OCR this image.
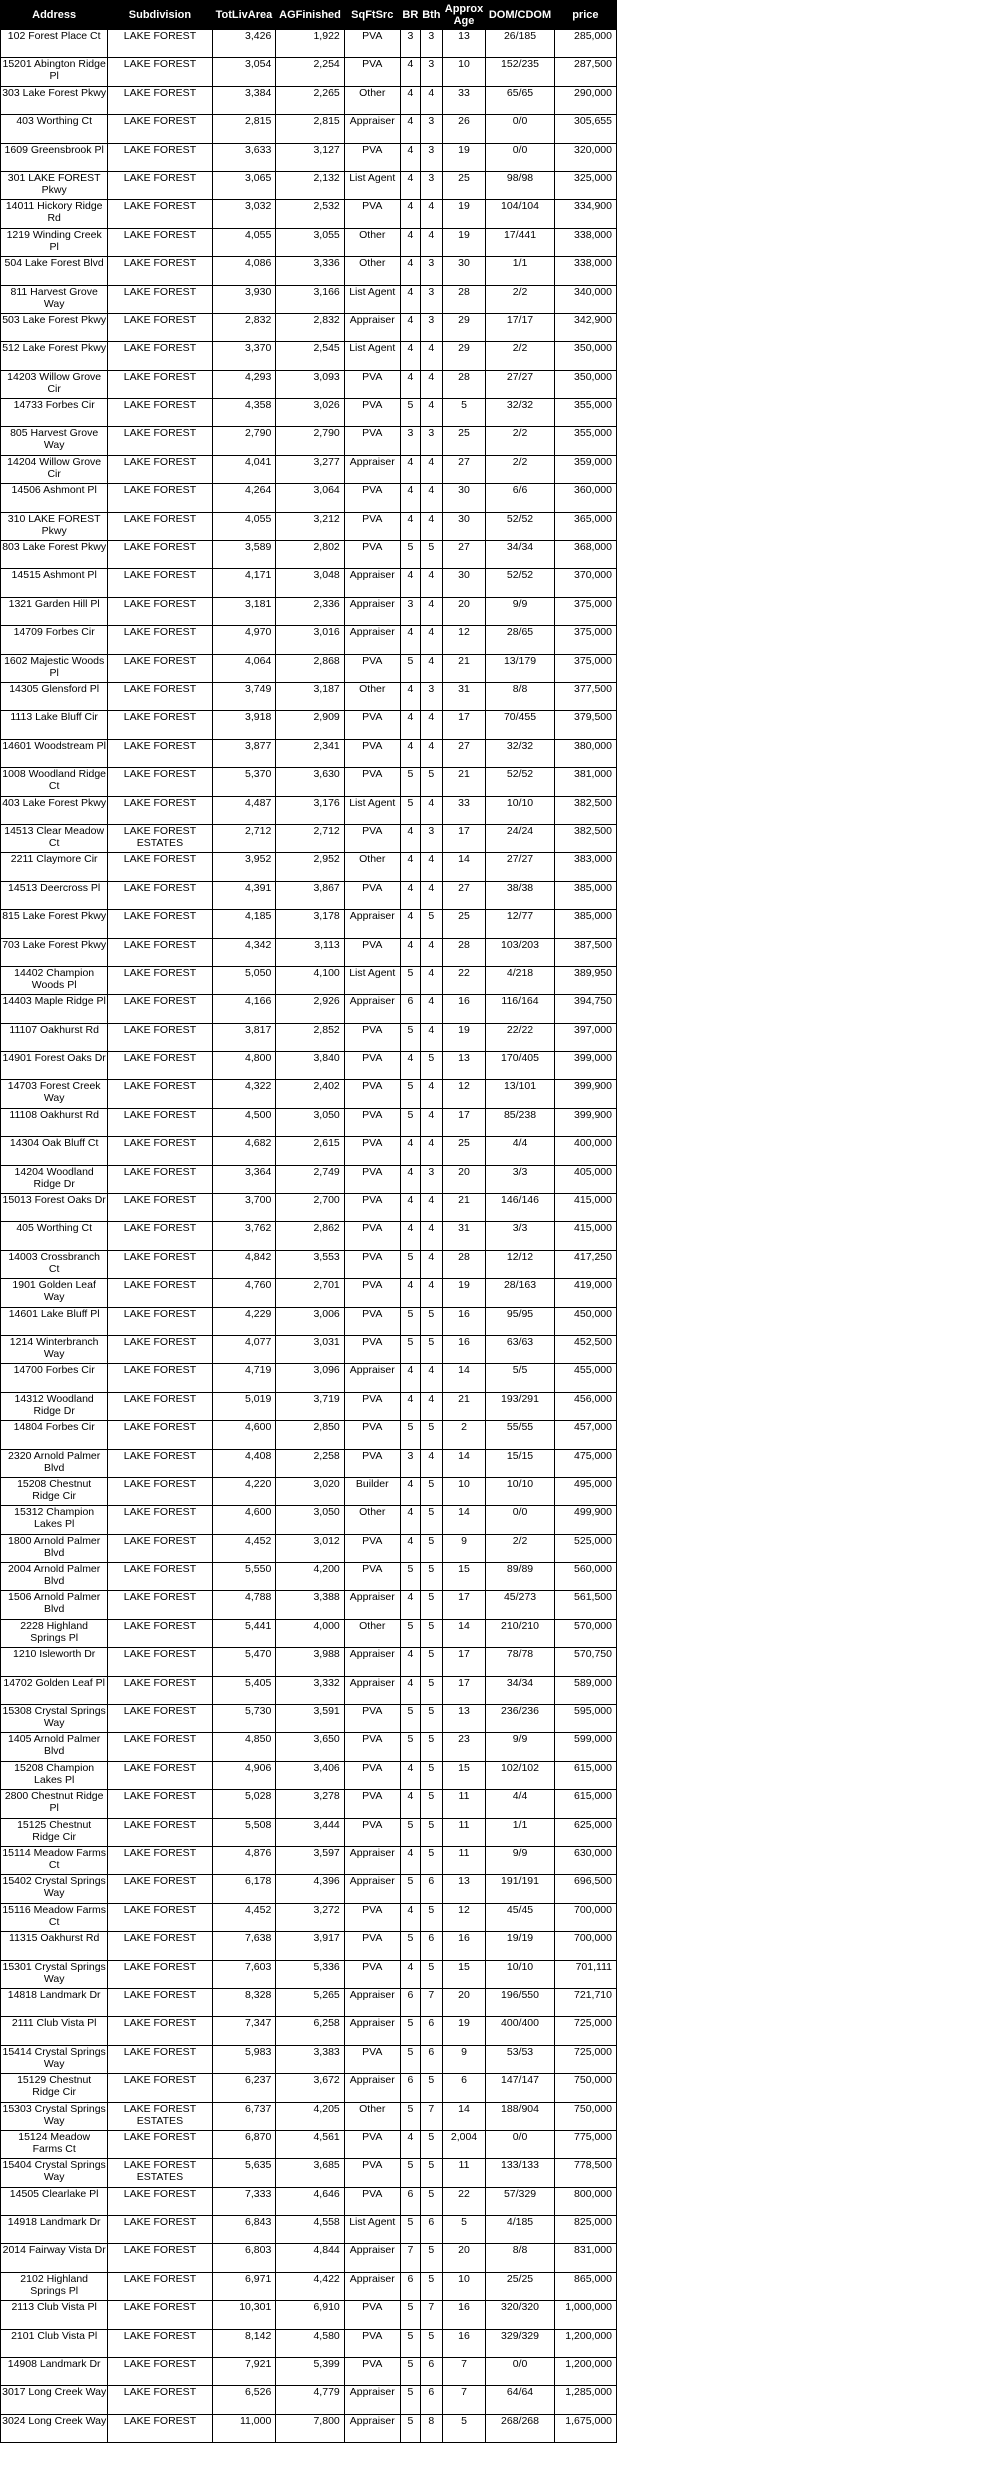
Address	Subdivision	TotLivArea	AGFinished	SqFtSrc	BR	Bth	Approx Age	DOM/CDOM	price
102 Forest Place Ct	LAKE FOREST	3,426	1,922	PVA	3	3	13	26/185	285,000
15201 Abington Ridge Pl	LAKE FOREST	3,054	2,254	PVA	4	3	10	152/235	287,500
303 Lake Forest Pkwy	LAKE FOREST	3,384	2,265	Other	4	4	33	65/65	290,000
403 Worthing Ct	LAKE FOREST	2,815	2,815	Appraiser	4	3	26	0/0	305,655
1609 Greensbrook Pl	LAKE FOREST	3,633	3,127	PVA	4	3	19	0/0	320,000
301 LAKE FOREST Pkwy	LAKE FOREST	3,065	2,132	List Agent	4	3	25	98/98	325,000
14011 Hickory Ridge Rd	LAKE FOREST	3,032	2,532	PVA	4	4	19	104/104	334,900
1219 Winding Creek Pl	LAKE FOREST	4,055	3,055	Other	4	4	19	17/441	338,000
504 Lake Forest Blvd	LAKE FOREST	4,086	3,336	Other	4	3	30	1/1	338,000
811 Harvest Grove Way	LAKE FOREST	3,930	3,166	List Agent	4	3	28	2/2	340,000
503 Lake Forest Pkwy	LAKE FOREST	2,832	2,832	Appraiser	4	3	29	17/17	342,900
512 Lake Forest Pkwy	LAKE FOREST	3,370	2,545	List Agent	4	4	29	2/2	350,000
14203 Willow Grove Cir	LAKE FOREST	4,293	3,093	PVA	4	4	28	27/27	350,000
14733 Forbes Cir	LAKE FOREST	4,358	3,026	PVA	5	4	5	32/32	355,000
805 Harvest Grove Way	LAKE FOREST	2,790	2,790	PVA	3	3	25	2/2	355,000
14204 Willow Grove Cir	LAKE FOREST	4,041	3,277	Appraiser	4	4	27	2/2	359,000
14506 Ashmont Pl	LAKE FOREST	4,264	3,064	PVA	4	4	30	6/6	360,000
310 LAKE FOREST Pkwy	LAKE FOREST	4,055	3,212	PVA	4	4	30	52/52	365,000
803 Lake Forest Pkwy	LAKE FOREST	3,589	2,802	PVA	5	5	27	34/34	368,000
14515 Ashmont Pl	LAKE FOREST	4,171	3,048	Appraiser	4	4	30	52/52	370,000
1321 Garden Hill Pl	LAKE FOREST	3,181	2,336	Appraiser	3	4	20	9/9	375,000
14709 Forbes Cir	LAKE FOREST	4,970	3,016	Appraiser	4	4	12	28/65	375,000
1602 Majestic Woods Pl	LAKE FOREST	4,064	2,868	PVA	5	4	21	13/179	375,000
14305 Glensford Pl	LAKE FOREST	3,749	3,187	Other	4	3	31	8/8	377,500
1113 Lake Bluff Cir	LAKE FOREST	3,918	2,909	PVA	4	4	17	70/455	379,500
14601 Woodstream Pl	LAKE FOREST	3,877	2,341	PVA	4	4	27	32/32	380,000
1008 Woodland Ridge Ct	LAKE FOREST	5,370	3,630	PVA	5	5	21	52/52	381,000
403 Lake Forest Pkwy	LAKE FOREST	4,487	3,176	List Agent	5	4	33	10/10	382,500
14513 Clear Meadow Ct	LAKE FOREST ESTATES	2,712	2,712	PVA	4	3	17	24/24	382,500
2211 Claymore Cir	LAKE FOREST	3,952	2,952	Other	4	4	14	27/27	383,000
14513 Deercross Pl	LAKE FOREST	4,391	3,867	PVA	4	4	27	38/38	385,000
815 Lake Forest Pkwy	LAKE FOREST	4,185	3,178	Appraiser	4	5	25	12/77	385,000
703 Lake Forest Pkwy	LAKE FOREST	4,342	3,113	PVA	4	4	28	103/203	387,500
14402 Champion Woods Pl	LAKE FOREST	5,050	4,100	List Agent	5	4	22	4/218	389,950
14403 Maple Ridge Pl	LAKE FOREST	4,166	2,926	Appraiser	6	4	16	116/164	394,750
11107 Oakhurst Rd	LAKE FOREST	3,817	2,852	PVA	5	4	19	22/22	397,000
14901 Forest Oaks Dr	LAKE FOREST	4,800	3,840	PVA	4	5	13	170/405	399,000
14703 Forest Creek Way	LAKE FOREST	4,322	2,402	PVA	5	4	12	13/101	399,900
11108 Oakhurst Rd	LAKE FOREST	4,500	3,050	PVA	5	4	17	85/238	399,900
14304 Oak Bluff Ct	LAKE FOREST	4,682	2,615	PVA	4	4	25	4/4	400,000
14204 Woodland Ridge Dr	LAKE FOREST	3,364	2,749	PVA	4	3	20	3/3	405,000
15013 Forest Oaks Dr	LAKE FOREST	3,700	2,700	PVA	4	4	21	146/146	415,000
405 Worthing Ct	LAKE FOREST	3,762	2,862	PVA	4	4	31	3/3	415,000
14003 Crossbranch Ct	LAKE FOREST	4,842	3,553	PVA	5	4	28	12/12	417,250
1901 Golden Leaf Way	LAKE FOREST	4,760	2,701	PVA	4	4	19	28/163	419,000
14601 Lake Bluff Pl	LAKE FOREST	4,229	3,006	PVA	5	5	16	95/95	450,000
1214 Winterbranch Way	LAKE FOREST	4,077	3,031	PVA	5	5	16	63/63	452,500
14700 Forbes Cir	LAKE FOREST	4,719	3,096	Appraiser	4	4	14	5/5	455,000
14312 Woodland Ridge Dr	LAKE FOREST	5,019	3,719	PVA	4	4	21	193/291	456,000
14804 Forbes Cir	LAKE FOREST	4,600	2,850	PVA	5	5	2	55/55	457,000
2320 Arnold Palmer Blvd	LAKE FOREST	4,408	2,258	PVA	3	4	14	15/15	475,000
15208 Chestnut Ridge Cir	LAKE FOREST	4,220	3,020	Builder	4	5	10	10/10	495,000
15312 Champion Lakes Pl	LAKE FOREST	4,600	3,050	Other	4	5	14	0/0	499,900
1800 Arnold Palmer Blvd	LAKE FOREST	4,452	3,012	PVA	4	5	9	2/2	525,000
2004 Arnold Palmer Blvd	LAKE FOREST	5,550	4,200	PVA	5	5	15	89/89	560,000
1506 Arnold Palmer Blvd	LAKE FOREST	4,788	3,388	Appraiser	4	5	17	45/273	561,500
2228 Highland Springs Pl	LAKE FOREST	5,441	4,000	Other	5	5	14	210/210	570,000
1210 Isleworth Dr	LAKE FOREST	5,470	3,988	Appraiser	4	5	17	78/78	570,750
14702 Golden Leaf Pl	LAKE FOREST	5,405	3,332	Appraiser	4	5	17	34/34	589,000
15308 Crystal Springs Way	LAKE FOREST	5,730	3,591	PVA	5	5	13	236/236	595,000
1405 Arnold Palmer Blvd	LAKE FOREST	4,850	3,650	PVA	5	5	23	9/9	599,000
15208 Champion Lakes Pl	LAKE FOREST	4,906	3,406	PVA	4	5	15	102/102	615,000
2800 Chestnut Ridge Pl	LAKE FOREST	5,028	3,278	PVA	4	5	11	4/4	615,000
15125 Chestnut Ridge Cir	LAKE FOREST	5,508	3,444	PVA	5	5	11	1/1	625,000
15114 Meadow Farms Ct	LAKE FOREST	4,876	3,597	Appraiser	4	5	11	9/9	630,000
15402 Crystal Springs Way	LAKE FOREST	6,178	4,396	Appraiser	5	6	13	191/191	696,500
15116 Meadow Farms Ct	LAKE FOREST	4,452	3,272	PVA	4	5	12	45/45	700,000
11315 Oakhurst Rd	LAKE FOREST	7,638	3,917	PVA	5	6	16	19/19	700,000
15301 Crystal Springs Way	LAKE FOREST	7,603	5,336	PVA	4	5	15	10/10	701,111
14818 Landmark Dr	LAKE FOREST	8,328	5,265	Appraiser	6	7	20	196/550	721,710
2111 Club Vista Pl	LAKE FOREST	7,347	6,258	Appraiser	5	6	19	400/400	725,000
15414 Crystal Springs Way	LAKE FOREST	5,983	3,383	PVA	5	6	9	53/53	725,000
15129 Chestnut Ridge Cir	LAKE FOREST	6,237	3,672	Appraiser	6	5	6	147/147	750,000
15303 Crystal Springs Way	LAKE FOREST ESTATES	6,737	4,205	Other	5	7	14	188/904	750,000
15124 Meadow Farms Ct	LAKE FOREST	6,870	4,561	PVA	4	5	2,004	0/0	775,000
15404 Crystal Springs Way	LAKE FOREST ESTATES	5,635	3,685	PVA	5	5	11	133/133	778,500
14505 Clearlake Pl	LAKE FOREST	7,333	4,646	PVA	6	5	22	57/329	800,000
14918 Landmark Dr	LAKE FOREST	6,843	4,558	List Agent	5	6	5	4/185	825,000
2014 Fairway Vista Dr	LAKE FOREST	6,803	4,844	Appraiser	7	5	20	8/8	831,000
2102 Highland Springs Pl	LAKE FOREST	6,971	4,422	Appraiser	6	5	10	25/25	865,000
2113 Club Vista Pl	LAKE FOREST	10,301	6,910	PVA	5	7	16	320/320	1,000,000
2101 Club Vista Pl	LAKE FOREST	8,142	4,580	PVA	5	5	16	329/329	1,200,000
14908 Landmark Dr	LAKE FOREST	7,921	5,399	PVA	5	6	7	0/0	1,200,000
3017 Long Creek Way	LAKE FOREST	6,526	4,779	Appraiser	5	6	7	64/64	1,285,000
3024 Long Creek Way	LAKE FOREST	11,000	7,800	Appraiser	5	8	5	268/268	1,675,000
